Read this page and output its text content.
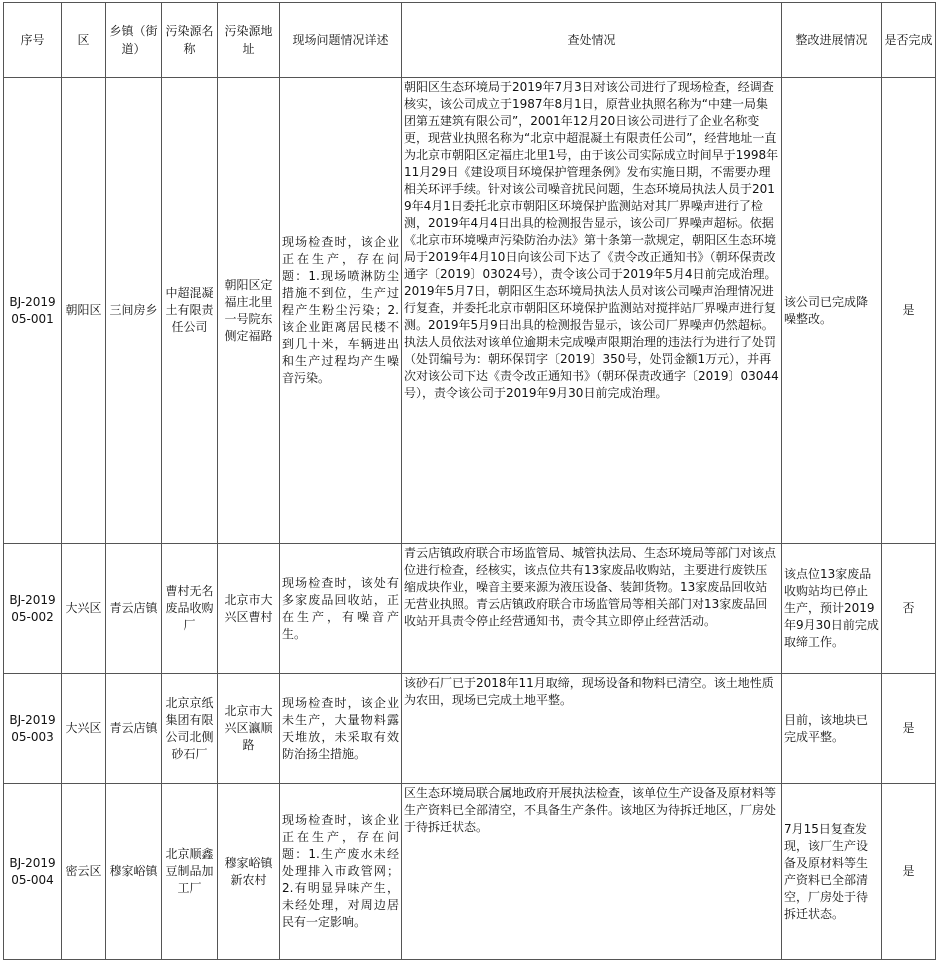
序号	区	乡镇（街道）	污染源名称	污染源地址	现场问题情况详述	查处情况	整改进展情况	是否完成
BJ-201905-001	朝阳区	三间房乡	中超混凝土有限责任公司	朝阳区定福庄北里一号院东侧定福路	现场检查时，该企业正在生产，存在问题：1.现场喷淋防尘措施不到位，生产过程产生粉尘污染；2.该企业距离居民楼不到几十米，车辆进出和生产过程均产生噪音污染。	朝阳区生态环境局于2019年7月3日对该公司进行了现场检查，经调查核实，该公司成立于1987年8月1日，原营业执照名称为“中建一局集团第五建筑有限公司”，2001年12月20日该公司进行了企业名称变更，现营业执照名称为“北京中超混凝土有限责任公司”，经营地址一直为北京市朝阳区定福庄北里1号，由于该公司实际成立时间早于1998年11月29日《建设项目环境保护管理条例》发布实施日期，不需要办理相关环评手续。针对该公司噪音扰民问题，生态环境局执法人员于2019年4月1日委托北京市朝阳区环境保护监测站对其厂界噪声进行了检测，2019年4月4日出具的检测报告显示，该公司厂界噪声超标。依据《北京市环境噪声污染防治办法》第十条第一款规定，朝阳区生态环境局于2019年4月10日向该公司下达了《责令改正通知书》（朝环保责改通字〔2019〕03024号），责令该公司于2019年5月4日前完成治理。2019年5月7日，朝阳区生态环境局执法人员对该公司噪声治理情况进行复查，并委托北京市朝阳区环境保护监测站对搅拌站厂界噪声进行复测。2019年5月9日出具的检测报告显示，该公司厂界噪声仍然超标。执法人员依法对该单位逾期未完成噪声限期治理的违法行为进行了处罚（处罚编号为：朝环保罚字〔2019〕350号，处罚金额1万元），并再次对该公司下达《责令改正通知书》（朝环保责改通字〔2019〕03044号），责令该公司于2019年9月30日前完成治理。	该公司已完成降噪整改。	是
BJ-201905-002	大兴区	青云店镇	曹村无名废品收购厂	北京市大兴区曹村	现场检查时，该处有多家废品回收站，正在生产，有噪音产生。	青云店镇政府联合市场监管局、城管执法局、生态环境局等部门对该点位进行检查，经核实，该点位共有13家废品收购站，主要进行废铁压缩成块作业，噪音主要来源为液压设备、装卸货物。13家废品回收站无营业执照。青云店镇政府联合市场监管局等相关部门对13家废品回收站开具责令停止经营通知书，责令其立即停止经营活动。	该点位13家废品收购站均已停止生产，预计2019年9月30日前完成取缔工作。	否
BJ-201905-003	大兴区	青云店镇	北京京纸集团有限公司北侧砂石厂	北京市大兴区瀛顺路	现场检查时，该企业未生产，大量物料露天堆放，未采取有效防治扬尘措施。	该砂石厂已于2018年11月取缔，现场设备和物料已清空。该土地性质为农田，现场已完成土地平整。	目前，该地块已完成平整。	是
BJ-201905-004	密云区	穆家峪镇	北京顺鑫豆制品加工厂	穆家峪镇新农村	现场检查时，该企业正在生产，存在问题：1.生产废水未经处理排入市政管网；2.有明显异味产生，未经处理，对周边居民有一定影响。	区生态环境局联合属地政府开展执法检查，该单位生产设备及原材料等生产资料已全部清空，不具备生产条件。该地区为待拆迁地区，厂房处于待拆迁状态。	7月15日复查发现，该厂生产设备及原材料等生产资料已全部清空，厂房处于待拆迁状态。	是
